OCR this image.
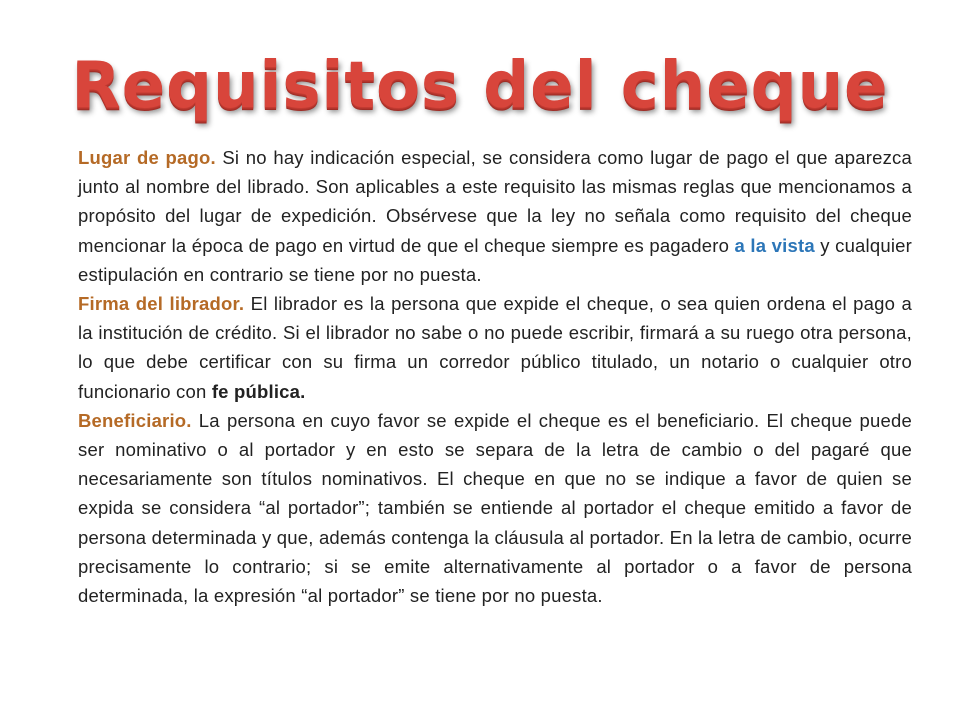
Requisitos del cheque

Lugar de pago. Si no hay indicación especial, se considera como lugar de pago el que aparezca junto al nombre del librado. Son aplicables a este requisito las mismas reglas que mencionamos a propósito del lugar de expedición. Obsérvese que la ley no señala como requisito del cheque mencionar la época de pago en virtud de que el cheque siempre es pagadero a la vista y cualquier estipulación en contrario se tiene por no puesta.

Firma del librador. El librador es la persona que expide el cheque, o sea quien ordena el pago a la institución de crédito. Si el librador no sabe o no puede escribir, firmará a su ruego otra persona, lo que debe certificar con su firma un corredor público titulado, un notario o cualquier otro funcionario con fe pública.

Beneficiario. La persona en cuyo favor se expide el cheque es el beneficiario. El cheque puede ser nominativo o al portador y en esto se separa de la letra de cambio o del pagaré que necesariamente son títulos nominativos. El cheque en que no se indique a favor de quien se expida se considera “al portador”; también se entiende al portador el cheque emitido a favor de persona determinada y que, además contenga la cláusula al portador. En la letra de cambio, ocurre precisamente lo contrario; si se emite alternativamente al portador o a favor de persona determinada, la expresión “al portador” se tiene por no puesta.
